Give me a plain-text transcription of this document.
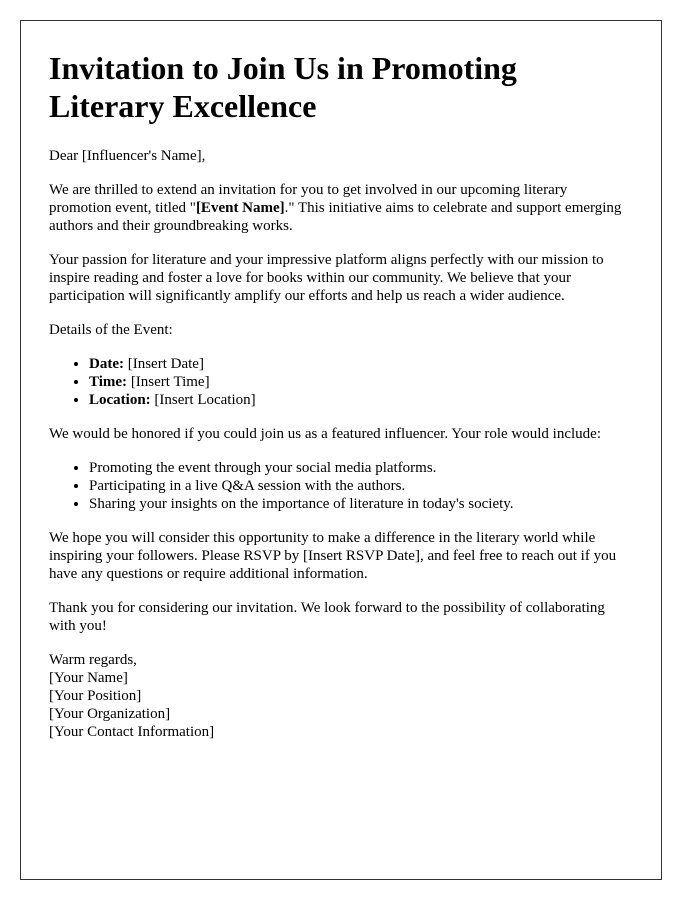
Invitation to Join Us in Promoting Literary Excellence

Dear [Influencer's Name],

We are thrilled to extend an invitation for you to get involved in our upcoming literary promotion event, titled "[Event Name]." This initiative aims to celebrate and support emerging authors and their groundbreaking works.

Your passion for literature and your impressive platform aligns perfectly with our mission to inspire reading and foster a love for books within our community. We believe that your participation will significantly amplify our efforts and help us reach a wider audience.

Details of the Event:

• Date: [Insert Date]
• Time: [Insert Time]
• Location: [Insert Location]

We would be honored if you could join us as a featured influencer. Your role would include:

• Promoting the event through your social media platforms.
• Participating in a live Q&A session with the authors.
• Sharing your insights on the importance of literature in today's society.

We hope you will consider this opportunity to make a difference in the literary world while inspiring your followers. Please RSVP by [Insert RSVP Date], and feel free to reach out if you have any questions or require additional information.

Thank you for considering our invitation. We look forward to the possibility of collaborating with you!

Warm regards,

[Your Name]

[Your Position]

[Your Organization]

[Your Contact Information]
